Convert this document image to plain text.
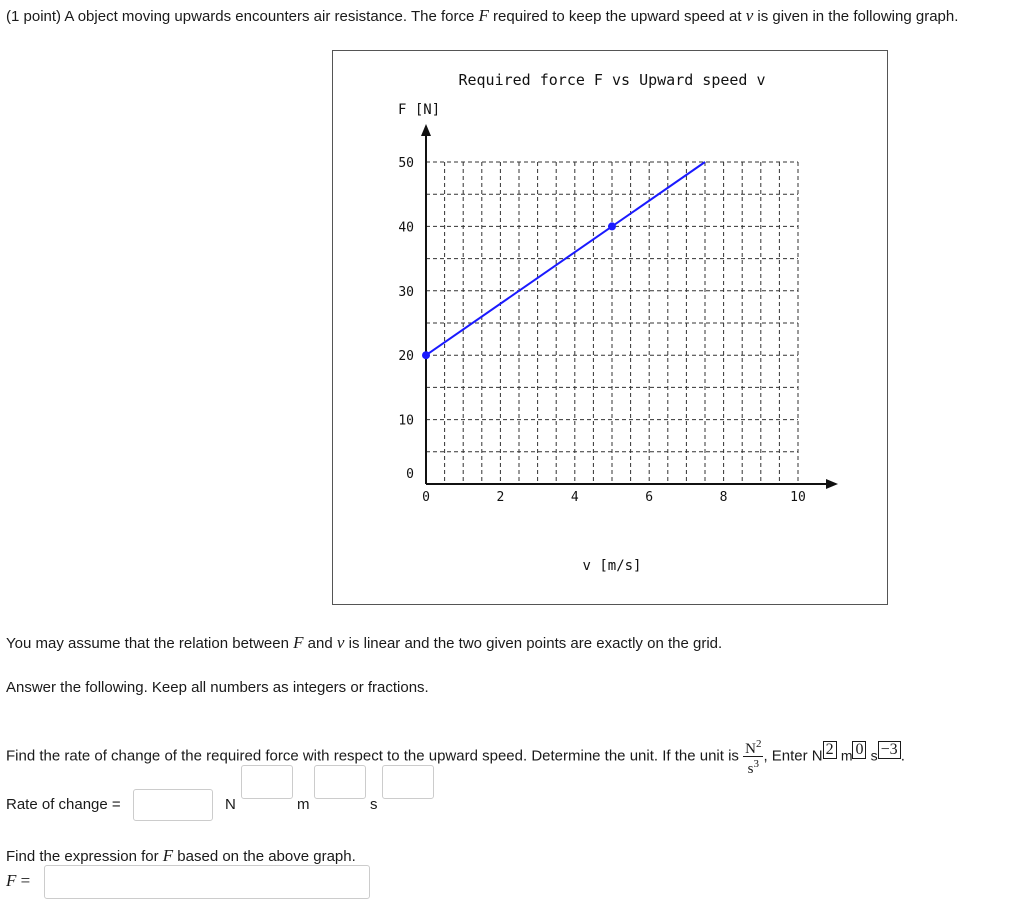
(1 point) A object moving upwards encounters air resistance. The force F required to keep the upward speed at v is given in the following graph.
Required force F vs Upward speed v
F [N]
v [m/s]
0	2	4	6	8	10
0
10
20
30
40
50
You may assume that the relation between F and v is linear and the two given points are exactly on the grid.
Answer the following. Keep all numbers as integers or fractions.
Find the rate of change of the required force with respect to the upward speed. Determine the unit. If the unit is $\frac{N^2}{s^3}$ , Enter N 2 m 0 s −3 .
Rate of change =	N	m	s
Find the expression for F based on the above graph.
F =
